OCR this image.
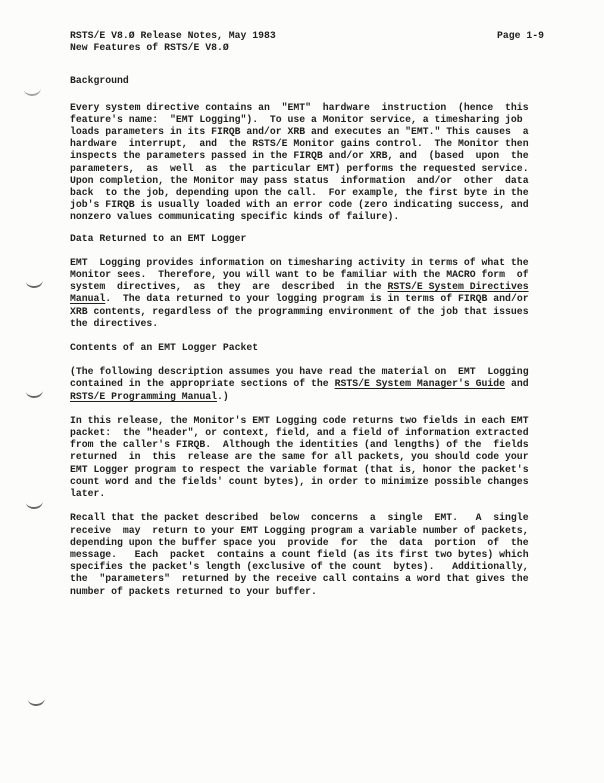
RSTS/E V8.Ø Release Notes, May 1983	Page 1-9
New Features of RSTS/E V8.Ø
Background
Every system directive contains an  "EMT"  hardware  instruction  (hence  this
feature's name:  "EMT Logging").  To use a Monitor service, a timesharing job
loads parameters in its FIRQB and/or XRB and executes an "EMT." This causes  a
hardware  interrupt,  and  the RSTS/E Monitor gains control.  The Monitor then
inspects the parameters passed in the FIRQB and/or XRB, and  (based  upon  the
parameters,  as  well  as  the particular EMT) performs the requested service.
Upon completion, the Monitor may pass status  information  and/or  other  data
back  to the job, depending upon the call.  For example, the first byte in the
job's FIRQB is usually loaded with an error code (zero indicating success, and
nonzero values communicating specific kinds of failure).
Data Returned to an EMT Logger
EMT  Logging provides information on timesharing activity in terms of what the
Monitor sees.  Therefore, you will want to be familiar with the MACRO form  of
system  directives,  as  they  are  described  in the RSTS/E System Directives
Manual.  The data returned to your logging program is in terms of FIRQB and/or
XRB contents, regardless of the programming environment of the job that issues
the directives.
Contents of an EMT Logger Packet
(The following description assumes you have read the material on  EMT  Logging
contained in the appropriate sections of the RSTS/E System Manager's Guide and
RSTS/E Programming Manual.)
In this release, the Monitor's EMT Logging code returns two fields in each EMT
packet:  the "header", or context, field, and a field of information extracted
from the caller's FIRQB.  Although the identities (and lengths) of the  fields
returned  in  this  release are the same for all packets, you should code your
EMT Logger program to respect the variable format (that is, honor the packet's
count word and the fields' count bytes), in order to minimize possible changes
later.
Recall that the packet described  below  concerns  a  single  EMT.   A  single
receive  may  return to your EMT Logging program a variable number of packets,
depending upon the buffer space you  provide  for  the  data  portion  of  the
message.   Each  packet  contains a count field (as its first two bytes) which
specifies the packet's length (exclusive of the count  bytes).   Additionally,
the  "parameters"  returned by the receive call contains a word that gives the
number of packets returned to your buffer.
